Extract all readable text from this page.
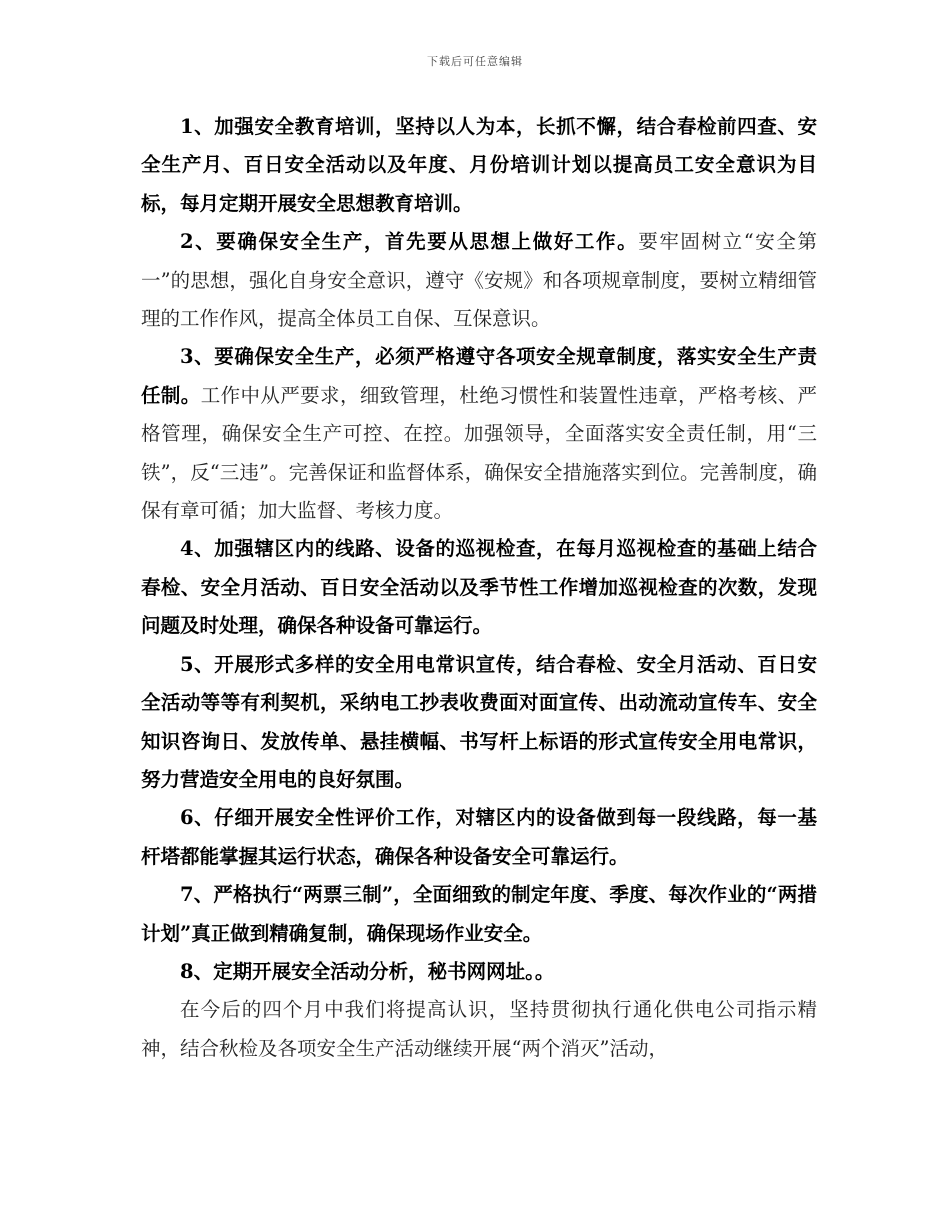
下载后可任意编辑

1、加强安全教育培训，坚持以人为本，长抓不懈，结合春检前四查、安全生产月、百日安全活动以及年度、月份培训计划以提高员工安全意识为目标，每月定期开展安全思想教育培训。

2、要确保安全生产，首先要从思想上做好工作。要牢固树立“安全第一”的思想，强化自身安全意识，遵守《安规》和各项规章制度，要树立精细管理的工作作风，提高全体员工自保、互保意识。

3、要确保安全生产，必须严格遵守各项安全规章制度，落实安全生产责任制。工作中从严要求，细致管理，杜绝习惯性和装置性违章，严格考核、严格管理，确保安全生产可控、在控。加强领导，全面落实安全责任制，用“三铁”，反“三违”。完善保证和监督体系，确保安全措施落实到位。完善制度，确保有章可循；加大监督、考核力度。

4、加强辖区内的线路、设备的巡视检查，在每月巡视检查的基础上结合春检、安全月活动、百日安全活动以及季节性工作增加巡视检查的次数，发现问题及时处理，确保各种设备可靠运行。

5、开展形式多样的安全用电常识宣传，结合春检、安全月活动、百日安全活动等等有利契机，采纳电工抄表收费面对面宣传、出动流动宣传车、安全知识咨询日、发放传单、悬挂横幅、书写杆上标语的形式宣传安全用电常识，努力营造安全用电的良好氛围。

6、仔细开展安全性评价工作，对辖区内的设备做到每一段线路，每一基杆塔都能掌握其运行状态，确保各种设备安全可靠运行。

7、严格执行“两票三制”，全面细致的制定年度、季度、每次作业的“两措计划”真正做到精确复制，确保现场作业安全。

8、定期开展安全活动分析，秘书网网址。。

在今后的四个月中我们将提高认识，坚持贯彻执行通化供电公司指示精神，结合秋检及各项安全生产活动继续开展“两个消灭”活动，
